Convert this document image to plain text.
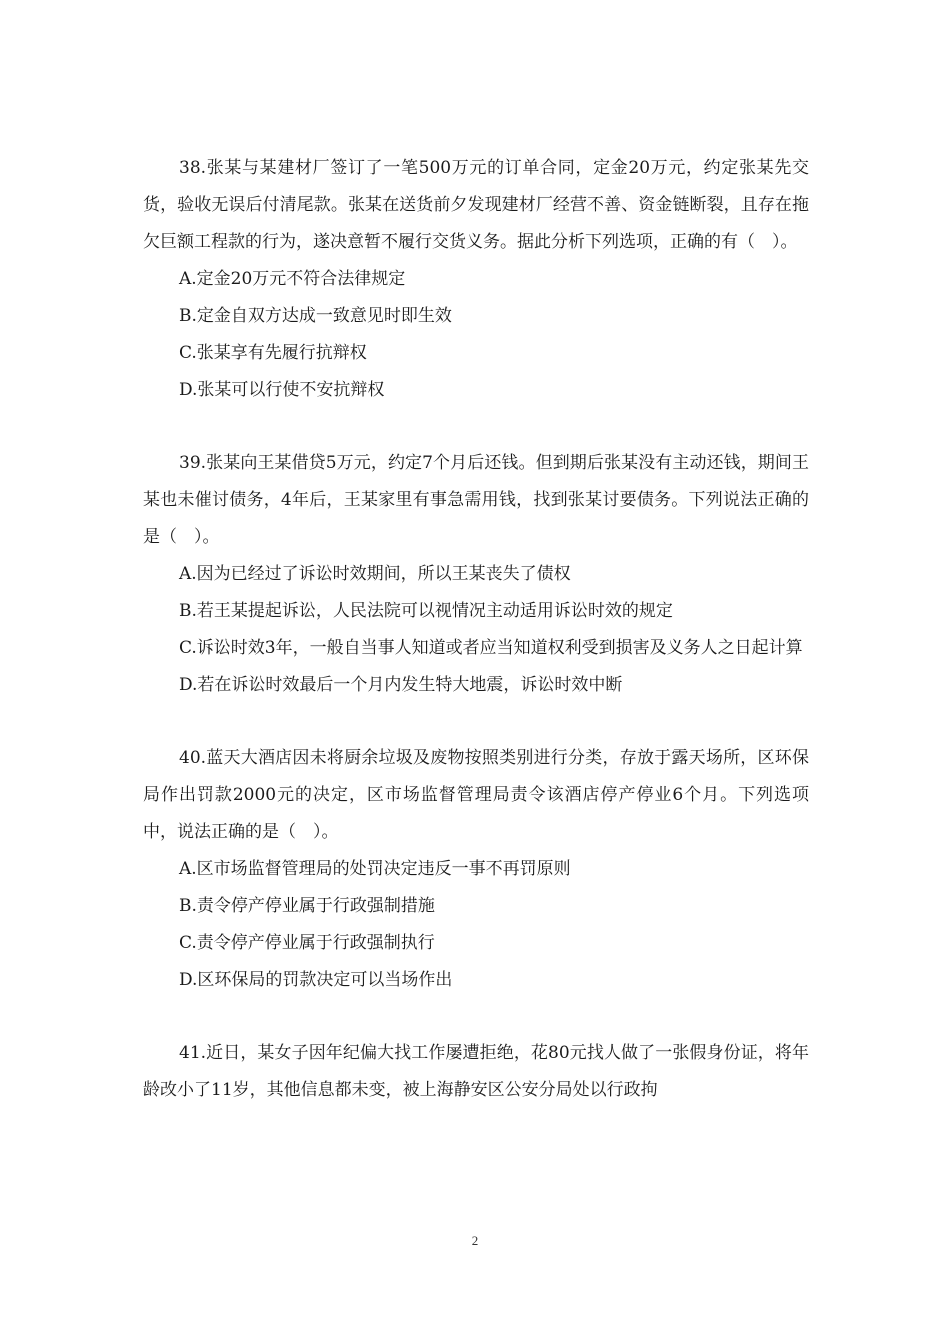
38.张某与某建材厂签订了一笔500万元的订单合同，定金20万元，约定张某先交货，验收无误后付清尾款。张某在送货前夕发现建材厂经营不善、资金链断裂，且存在拖欠巨额工程款的行为，遂决意暂不履行交货义务。据此分析下列选项，正确的有（　）。

A.定金20万元不符合法律规定

B.定金自双方达成一致意见时即生效

C.张某享有先履行抗辩权

D.张某可以行使不安抗辩权

39.张某向王某借贷5万元，约定7个月后还钱。但到期后张某没有主动还钱，期间王某也未催讨债务，4年后，王某家里有事急需用钱，找到张某讨要债务。下列说法正确的是（　）。

A.因为已经过了诉讼时效期间，所以王某丧失了债权

B.若王某提起诉讼，人民法院可以视情况主动适用诉讼时效的规定

C.诉讼时效3年，一般自当事人知道或者应当知道权利受到损害及义务人之日起计算

D.若在诉讼时效最后一个月内发生特大地震，诉讼时效中断

40.蓝天大酒店因未将厨余垃圾及废物按照类别进行分类，存放于露天场所，区环保局作出罚款2000元的决定，区市场监督管理局责令该酒店停产停业6个月。下列选项中，说法正确的是（　）。

A.区市场监督管理局的处罚决定违反一事不再罚原则

B.责令停产停业属于行政强制措施

C.责令停产停业属于行政强制执行

D.区环保局的罚款决定可以当场作出

41.近日，某女子因年纪偏大找工作屡遭拒绝，花80元找人做了一张假身份证，将年龄改小了11岁，其他信息都未变，被上海静安区公安分局处以行政拘

2
